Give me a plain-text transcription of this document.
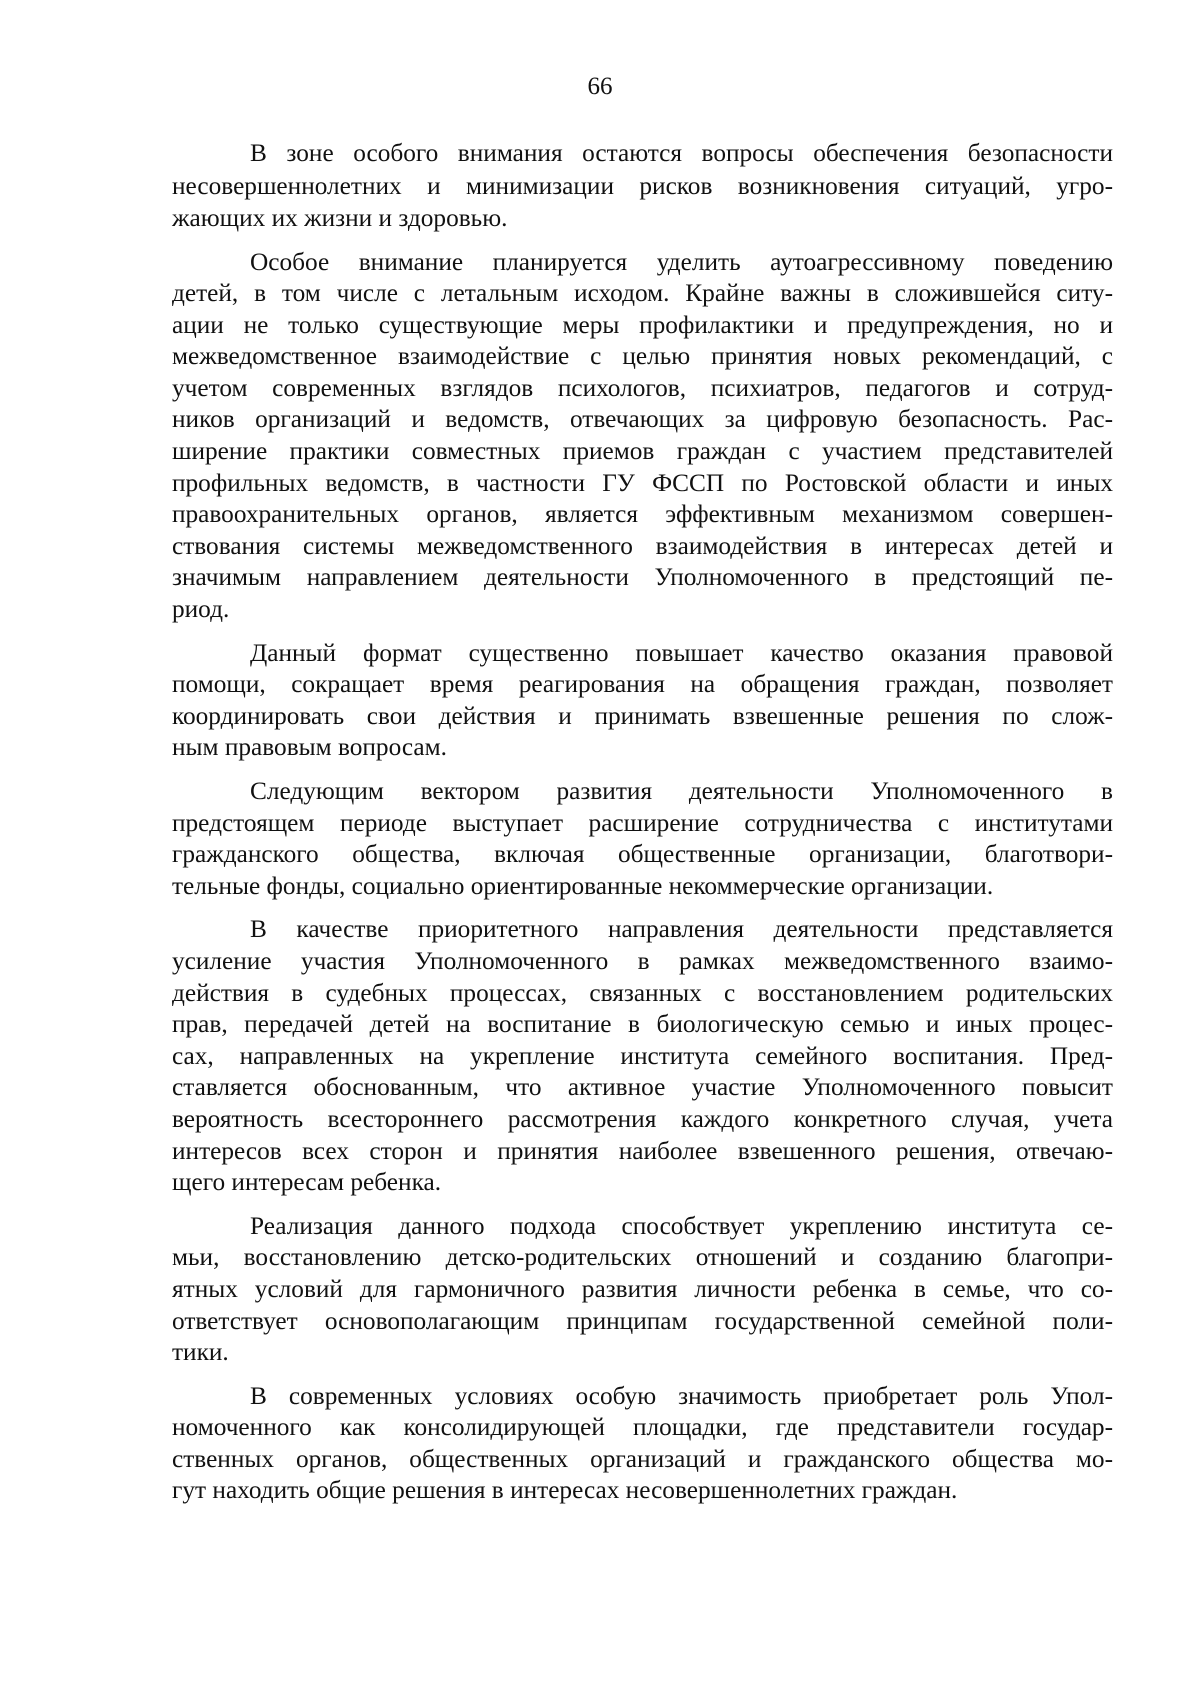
66

В зоне особого внимания остаются вопросы обеспечения безопасности
несовершеннолетних и минимизации рисков возникновения ситуаций, угро-
жающих их жизни и здоровью.

Особое внимание планируется уделить аутоагрессивному поведению
детей, в том числе с летальным исходом. Крайне важны в сложившейся ситу-
ации не только существующие меры профилактики и предупреждения, но и
межведомственное взаимодействие с целью принятия новых рекомендаций, с
учетом современных взглядов психологов, психиатров, педагогов и сотруд-
ников организаций и ведомств, отвечающих за цифровую безопасность. Рас-
ширение практики совместных приемов граждан с участием представителей
профильных ведомств, в частности ГУ ФССП по Ростовской области и иных
правоохранительных органов, является эффективным механизмом совершен-
ствования системы межведомственного взаимодействия в интересах детей и
значимым направлением деятельности Уполномоченного в предстоящий пе-
риод.

Данный формат существенно повышает качество оказания правовой
помощи, сокращает время реагирования на обращения граждан, позволяет
координировать свои действия и принимать взвешенные решения по слож-
ным правовым вопросам.

Следующим вектором развития деятельности Уполномоченного в
предстоящем периоде выступает расширение сотрудничества с институтами
гражданского общества, включая общественные организации, благотвори-
тельные фонды, социально ориентированные некоммерческие организации.

В качестве приоритетного направления деятельности представляется
усиление участия Уполномоченного в рамках межведомственного взаимо-
действия в судебных процессах, связанных с восстановлением родительских
прав, передачей детей на воспитание в биологическую семью и иных процес-
сах, направленных на укрепление института семейного воспитания. Пред-
ставляется обоснованным, что активное участие Уполномоченного повысит
вероятность всестороннего рассмотрения каждого конкретного случая, учета
интересов всех сторон и принятия наиболее взвешенного решения, отвечаю-
щего интересам ребенка.

Реализация данного подхода способствует укреплению института се-
мьи, восстановлению детско-родительских отношений и созданию благопри-
ятных условий для гармоничного развития личности ребенка в семье, что со-
ответствует основополагающим принципам государственной семейной поли-
тики.

В современных условиях особую значимость приобретает роль Упол-
номоченного как консолидирующей площадки, где представители государ-
ственных органов, общественных организаций и гражданского общества мо-
гут находить общие решения в интересах несовершеннолетних граждан.
